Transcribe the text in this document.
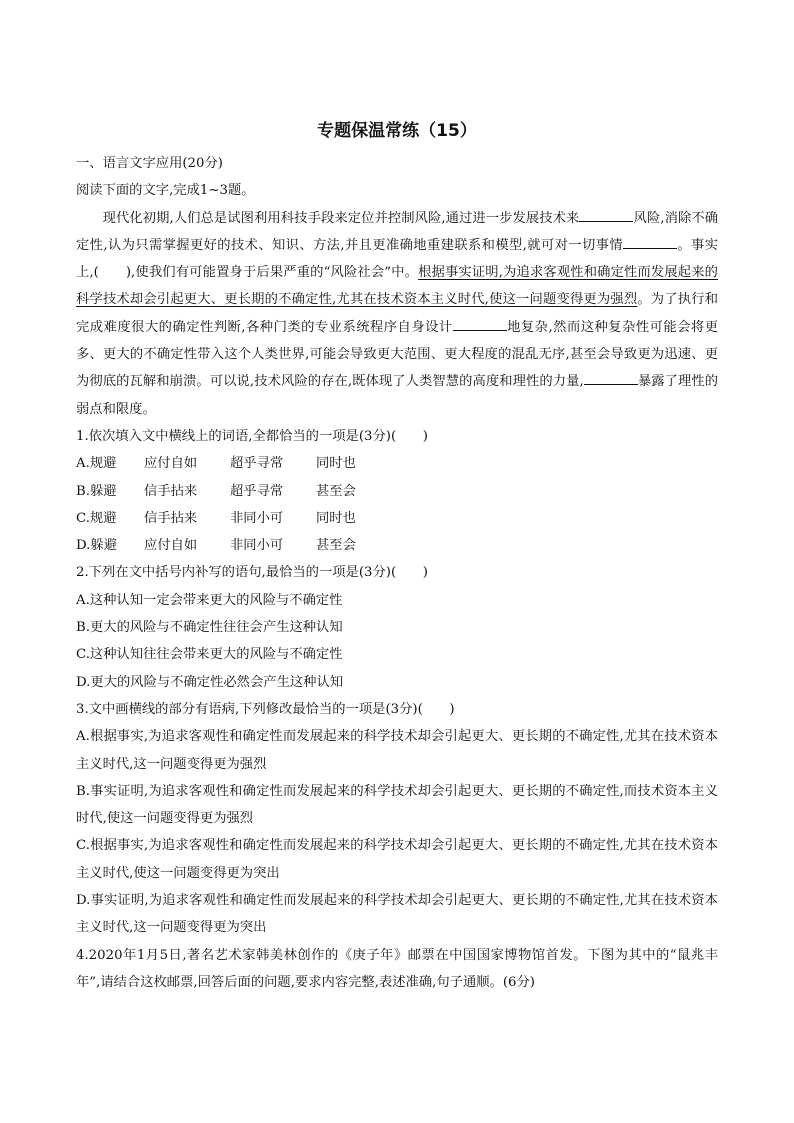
专题保温常练（15）

一、语言文字应用(20分)

阅读下面的文字,完成1~3题。

现代化初期,人们总是试图利用科技手段来定位并控制风险,通过进一步发展技术来	风险,消除不确定性,认为只需掌握更好的技术、知识、方法,并且更准确地重建联系和模型,就可对一切事情	。事实上,(　　),使我们有可能置身于后果严重的“风险社会”中。根据事实证明,为追求客观性和确定性而发展起来的科学技术却会引起更大、更长期的不确定性,尤其在技术资本主义时代,使这一问题变得更为强烈。为了执行和完成难度很大的确定性判断,各种门类的专业系统程序自身设计	地复杂,然而这种复杂性可能会将更多、更大的不确定性带入这个人类世界,可能会导致更大范围、更大程度的混乱无序,甚至会导致更为迅速、更为彻底的瓦解和崩溃。可以说,技术风险的存在,既体现了人类智慧的高度和理性的力量,	暴露了理性的弱点和限度。

1.依次填入文中横线上的词语,全都恰当的一项是(3分)(　　)

A.规避	应付自如	超乎寻常	同时也
B.躲避	信手拈来	超乎寻常	甚至会
C.规避	信手拈来	非同小可	同时也
D.躲避	应付自如	非同小可	甚至会

2.下列在文中括号内补写的语句,最恰当的一项是(3分)(　　)

A.这种认知一定会带来更大的风险与不确定性

B.更大的风险与不确定性往往会产生这种认知

C.这种认知往往会带来更大的风险与不确定性

D.更大的风险与不确定性必然会产生这种认知

3.文中画横线的部分有语病,下列修改最恰当的一项是(3分)(　　)

A.根据事实,为追求客观性和确定性而发展起来的科学技术却会引起更大、更长期的不确定性,尤其在技术资本主义时代,这一问题变得更为强烈

B.事实证明,为追求客观性和确定性而发展起来的科学技术却会引起更大、更长期的不确定性,而技术资本主义时代,使这一问题变得更为强烈

C.根据事实,为追求客观性和确定性而发展起来的科学技术却会引起更大、更长期的不确定性,尤其在技术资本主义时代,使这一问题变得更为突出

D.事实证明,为追求客观性和确定性而发展起来的科学技术却会引起更大、更长期的不确定性,尤其在技术资本主义时代,这一问题变得更为突出

4.2020年1月5日,著名艺术家韩美林创作的《庚子年》邮票在中国国家博物馆首发。下图为其中的“鼠兆丰年”,请结合这枚邮票,回答后面的问题,要求内容完整,表述准确,句子通顺。(6分)
